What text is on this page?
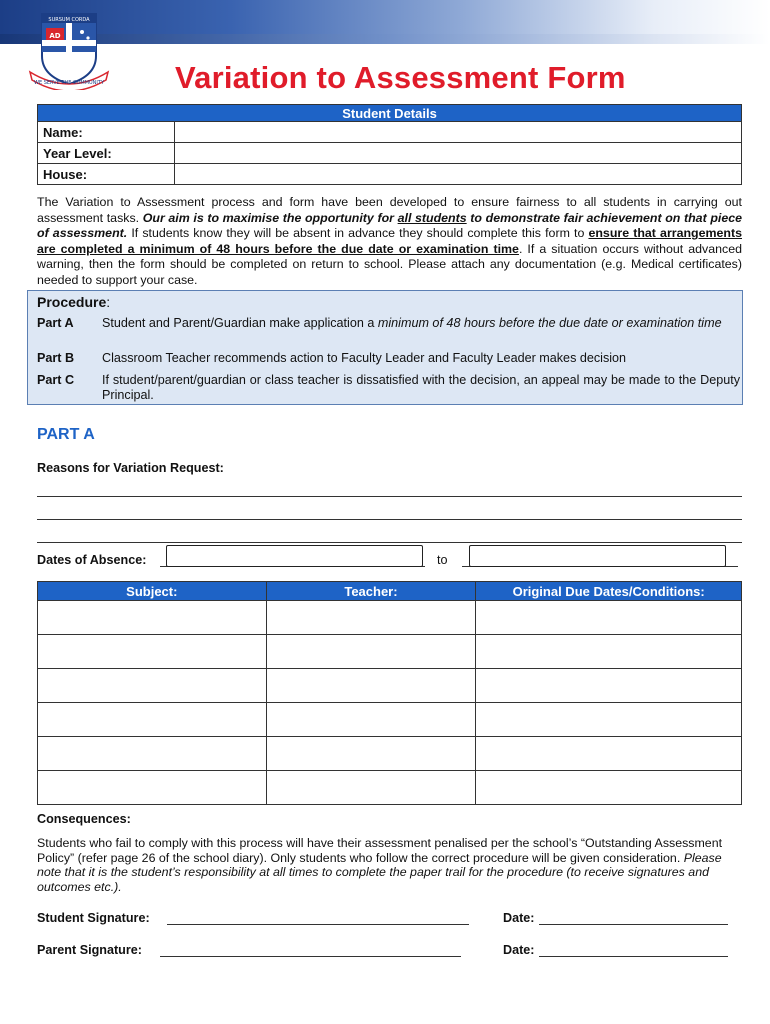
SURSUM CORDA
AD
WE SERVE THE COMMUNITY Variation to Assessment Form
Student Details	
Name:	
Year Level:	
House:	
The Variation to Assessment process and form have been developed to ensure fairness to all students in carrying out assessment tasks. Our aim is to maximise the opportunity for all students to demonstrate fair achievement on that piece of assessment. If students know they will be absent in advance they should complete this form to ensure that arrangements are completed a minimum of 48 hours before the due date or examination time. If a situation occurs without advanced warning, then the form should be completed on return to school. Please attach any documentation (e.g. Medical certificates) needed to support your case.
Procedure:
Part A Student and Parent/Guardian make application a minimum of 48 hours before the due date or examination time
Part B Classroom Teacher recommends action to Faculty Leader and Faculty Leader makes decision
Part C If student/parent/guardian or class teacher is dissatisfied with the decision, an appeal may be made to the Deputy Principal.
PART A
Reasons for Variation Request:
Dates of Absence:	to
Subject:	Teacher:	Original Due Dates/Conditions:

Consequences:
Students who fail to comply with this process will have their assessment penalised per the school’s “Outstanding Assessment Policy” (refer page 26 of the school diary). Only students who follow the correct procedure will be given consideration. Please note that it is the student’s responsibility at all times to complete the paper trail for the procedure (to receive signatures and outcomes etc.).
Student Signature:	Date:
Parent Signature:	Date:
